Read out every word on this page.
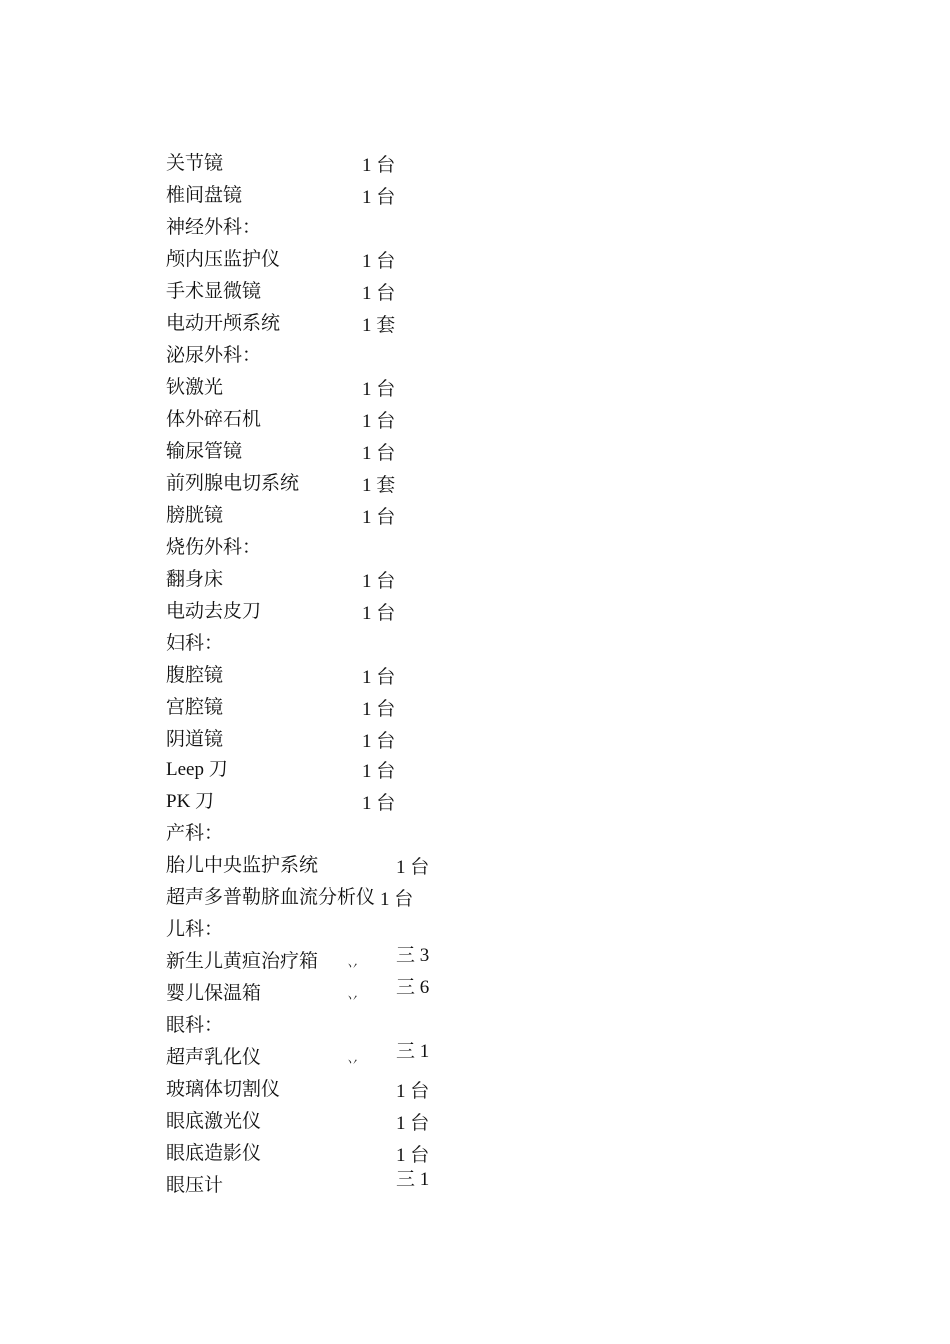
关节镜	1 台
椎间盘镜	1 台
神经外科：
颅内压监护仪	1 台
手术显微镜	1 台
电动开颅系统	1 套
泌尿外科：
钬激光	1 台
体外碎石机	1 台
输尿管镜	1 台
前列腺电切系统	1 套
膀胱镜	1 台
烧伤外科：
翻身床	1 台
电动去皮刀	1 台
妇科：
腹腔镜	1 台
宫腔镜	1 台
阴道镜	1 台
Leep 刀	1 台
PK 刀	1 台
产科：
胎儿中央监护系统	1 台
超声多普勒脐血流分析仪 1 台
儿科：
新生儿黄疸治疗箱	三 3
丷
婴儿保温箱	三 6
丷
眼科：
超声乳化仪	三 1
丷
玻璃体切割仪	1 台
眼底激光仪	1 台
眼底造影仪	1 台
眼压计	三 1
